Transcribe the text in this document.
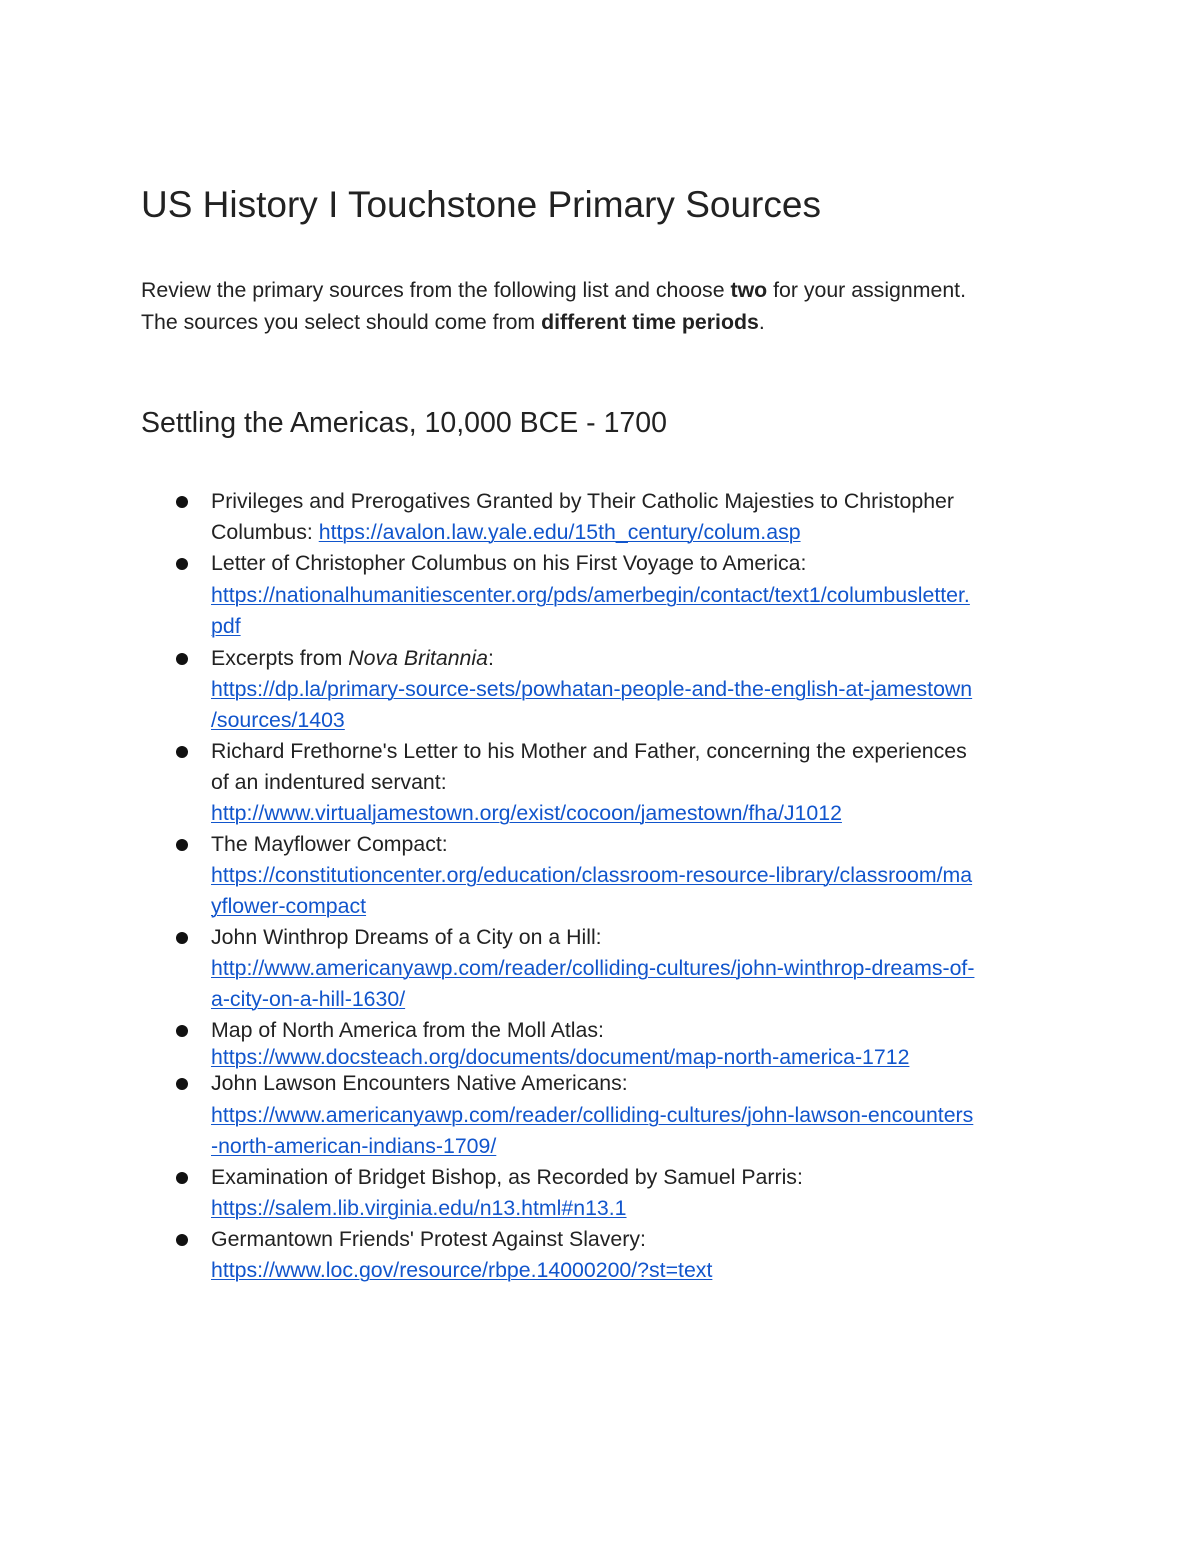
US History I Touchstone Primary Sources

Review the primary sources from the following list and choose two for your assignment.
The sources you select should come from different time periods.

Settling the Americas, 10,000 BCE - 1700
Privileges and Prerogatives Granted by Their Catholic Majesties to Christopher
Columbus: https://avalon.law.yale.edu/15th_century/colum.asp
Letter of Christopher Columbus on his First Voyage to America:
https://nationalhumanitiescenter.org/pds/amerbegin/contact/text1/columbusletter.
pdf
Excerpts from Nova Britannia:
https://dp.la/primary-source-sets/powhatan-people-and-the-english-at-jamestown
/sources/1403
Richard Frethorne's Letter to his Mother and Father, concerning the experiences
of an indentured servant:
http://www.virtualjamestown.org/exist/cocoon/jamestown/fha/J1012
The Mayflower Compact:
https://constitutioncenter.org/education/classroom-resource-library/classroom/ma
yflower-compact
John Winthrop Dreams of a City on a Hill:
http://www.americanyawp.com/reader/colliding-cultures/john-winthrop-dreams-of-
a-city-on-a-hill-1630/
Map of North America from the Moll Atlas:
https://www.docsteach.org/documents/document/map-north-america-1712
John Lawson Encounters Native Americans:
https://www.americanyawp.com/reader/colliding-cultures/john-lawson-encounters
-north-american-indians-1709/
Examination of Bridget Bishop, as Recorded by Samuel Parris:
https://salem.lib.virginia.edu/n13.html#n13.1
Germantown Friends' Protest Against Slavery:
https://www.loc.gov/resource/rbpe.14000200/?st=text
